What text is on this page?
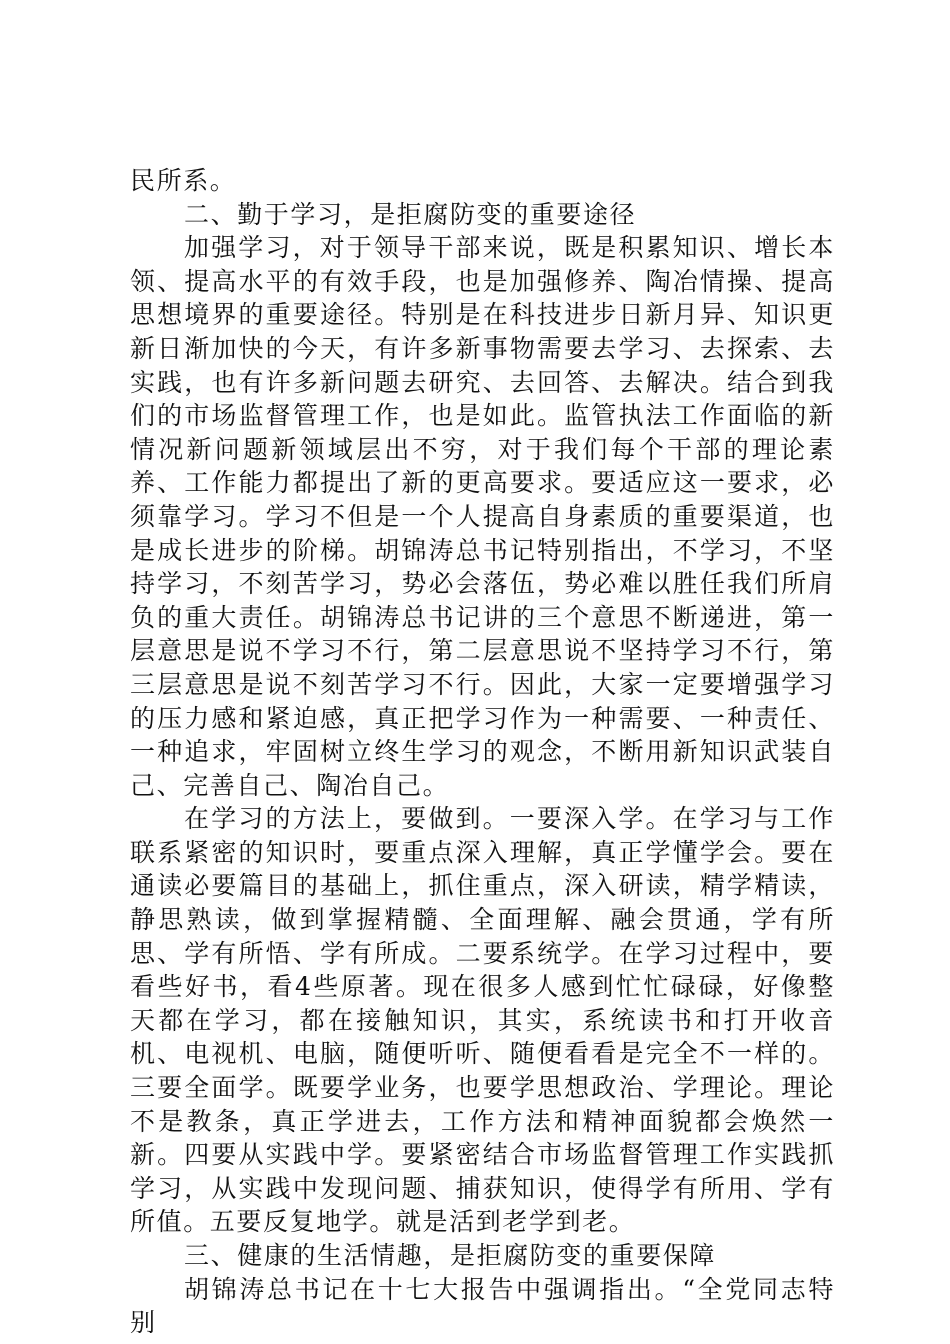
民所系。

二、勤于学习，是拒腐防变的重要途径

加强学习，对于领导干部来说，既是积累知识、增长本领、提高水平的有效手段，也是加强修养、陶冶情操、提高思想境界的重要途径。特别是在科技进步日新月异、知识更新日渐加快的今天，有许多新事物需要去学习、去探索、去实践，也有许多新问题去研究、去回答、去解决。结合到我们的市场监督管理工作，也是如此。监管执法工作面临的新情况新问题新领域层出不穷，对于我们每个干部的理论素养、工作能力都提出了新的更高要求。要适应这一要求，必须靠学习。学习不但是一个人提高自身素质的重要渠道，也是成长进步的阶梯。胡锦涛总书记特别指出，不学习，不坚持学习，不刻苦学习，势必会落伍，势必难以胜任我们所肩负的重大责任。胡锦涛总书记讲的三个意思不断递进，第一层意思是说不学习不行，第二层意思说不坚持学习不行，第三层意思是说不刻苦学习不行。因此，大家一定要增强学习的压力感和紧迫感，真正把学习作为一种需要、一种责任、一种追求，牢固树立终生学习的观念，不断用新知识武装自己、完善自己、陶冶自己。

在学习的方法上，要做到。一要深入学。在学习与工作联系紧密的知识时，要重点深入理解，真正学懂学会。要在通读必要篇目的基础上，抓住重点，深入研读，精学精读，静思熟读，做到掌握精髓、全面理解、融会贯通，学有所思、学有所悟、学有所成。二要系统学。在学习过程中，要看些好书，看4些原著。现在很多人感到忙忙碌碌，好像整天都在学习，都在接触知识，其实，系统读书和打开收音机、电视机、电脑，随便听听、随便看看是完全不一样的。三要全面学。既要学业务，也要学思想政治、学理论。理论不是教条，真正学进去，工作方法和精神面貌都会焕然一新。四要从实践中学。要紧密结合市场监督管理工作实践抓学习，从实践中发现问题、捕获知识，使得学有所用、学有所值。五要反复地学。就是活到老学到老。

三、健康的生活情趣，是拒腐防变的重要保障

胡锦涛总书记在十七大报告中强调指出。“全党同志特别
